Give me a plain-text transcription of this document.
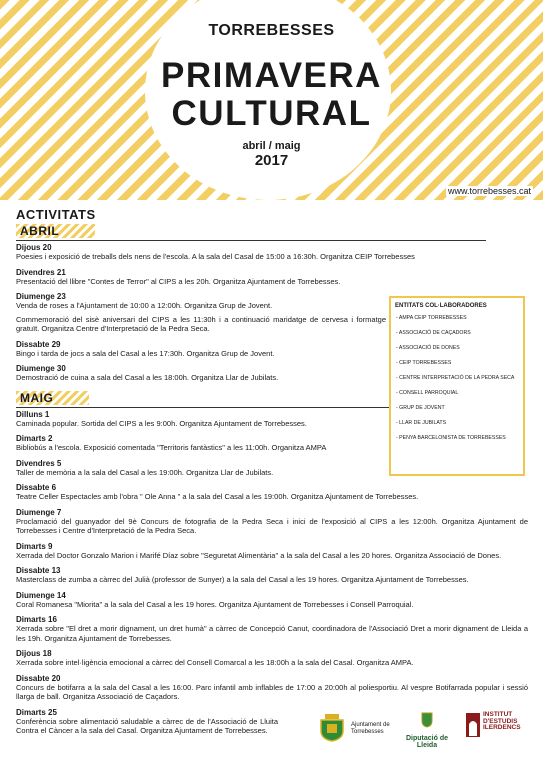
TORREBESSES
PRIMAVERA
CULTURAL
abril / maig
2017
www.torrebesses.cat
ACTIVITATS
ABRIL
Dijous 20
Poesies i exposició de treballs dels nens de l'escola. A la sala del Casal de 15:00 a 16:30h. Organitza CEIP Torrebesses
Divendres 21
Presentació del llibre "Contes de Terror" al CIPS a les 20h. Organitza Ajuntament de Torrebesses.
Diumenge 23
Venda de roses a l'Ajuntament de 10:00 a 12:00h. Organitza Grup de Jovent.
Commemoració del sisè aniversari del CIPS a les 11:30h i a continuació maridatge de cervesa i formatge gratuït. Organitza Centre d'Interpretació de la Pedra Seca.
Dissabte 29
Bingo i tarda de jocs a sala del Casal a les 17:30h. Organitza Grup de Jovent.
Diumenge 30
Demostració de cuina a sala del Casal a les 18:00h. Organitza Llar de Jubilats.
MAIG
Dilluns 1
Caminada popular. Sortida del CIPS a les 9:00h. Organitza Ajuntament de Torrebesses.
Dimarts 2
Bibliobús a l'escola. Exposició comentada "Territoris fantàstics" a les 11:00h. Organitza AMPA
Divendres 5
Taller de memòria a la sala del Casal a les 19:00h. Organitza Llar de Jubilats.
Dissabte 6
Teatre Celler Espectacles amb l'obra " Ole Anna " a la sala del Casal a les 19:00h. Organitza Ajuntament de Torrebesses.
Diumenge 7
Proclamació del guanyador del 9è Concurs de fotografia de la Pedra Seca i inici de l'exposició al CIPS a les 12:00h. Organitza Ajuntament de Torrebesses i Centre d'Interpretació de la Pedra Seca.
Dimarts 9
Xerrada del Doctor Gonzalo Marion i Marifé Díaz sobre "Seguretat Alimentària" a la sala del Casal a les 20 hores. Organitza Associació de Dones.
Dissabte 13
Masterclass de zumba a càrrec del Julià (professor de Sunyer) a la sala del Casal a les 19 hores. Organitza Ajuntament de Torrebesses.
Diumenge 14
Coral Romanesa "Miorita" a la sala del Casal a les 19 hores. Organitza Ajuntament de Torrebesses i Consell Parroquial.
Dimarts 16
Xerrada sobre "El dret a morir dignament, un dret humà" a càrrec de Concepció Canut, coordinadora de l'Associació Dret a morir dignament de Lleida a les 19h. Organitza Ajuntament de Torrebesses.
Dijous 18
Xerrada sobre intel·ligència emocional a càrrec del Consell Comarcal a les 18:00h a la sala del Casal. Organitza AMPA.
Dissabte 20
Concurs de botifarra a la sala del Casal a les 16:00. Parc infantil amb inflables de 17:00 a 20:00h al poliesportiu. Al vespre Botifarrada popular i sessió llarga de ball. Organitza Associació de Caçadors.
Dimarts 25
Conferència sobre alimentació saludable a càrrec de de l'Associació de Lluita Contra el Càncer a la sala del Casal. Organitza Ajuntament de Torrebesses.
ENTITATS COL·LABORADORES
- AMPA CEIP TORREBESSES
- ASSOCIACIÓ DE CAÇADORS
- ASSOCIACIÓ DE DONES
- CEIP TORREBESSES
- CENTRE INTERPRETACIÓ DE LA PEDRA SECA
- CONSELL PARROQUIAL
- GRUP DE JOVENT
- LLAR DE JUBILATS
- PENYA BARCELONISTA DE TORREBESSES
Ajuntament de Torrebesses
Diputació de Lleida
INSTITUT
D'ESTUDIS
ILERDENCS
